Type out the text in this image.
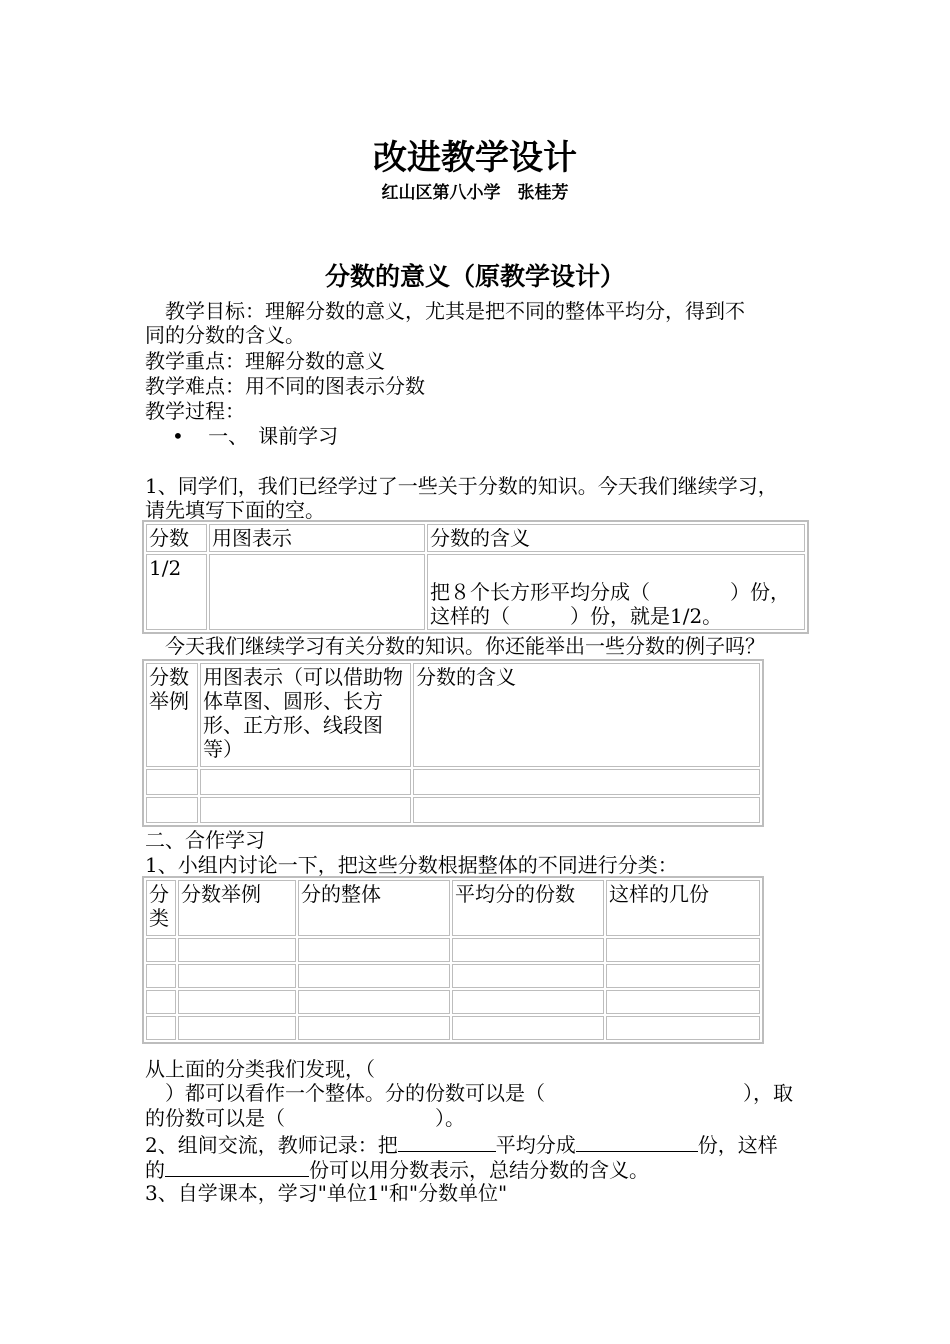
改进教学设计
红山区第八小学　张桂芳
分数的意义（原教学设计）
　教学目标：理解分数的意义，尤其是把不同的整体平均分，得到不
同的分数的含义。
教学重点：理解分数的意义
教学难点：用不同的图表示分数
教学过程：
• 一、　课前学习
1、同学们，我们已经学过了一些关于分数的知识。今天我们继续学习，
请先填写下面的空。
分数	用图表示	分数的含义
1/2		把８个长方形平均分成（　　　　）份，
这样的（　　　）份，就是1/2。
　今天我们继续学习有关分数的知识。你还能举出一些分数的例子吗？
分数举例	用图表示（可以借助物体草图、圆形、长方形、正方形、线段图等）	分数的含义

二、合作学习
1、小组内讨论一下，把这些分数根据整体的不同进行分类：
分类	分数举例	分的整体	平均分的份数	这样的几份

从上面的分类我们发现，（
　）都可以看作一个整体。分的份数可以是（	），取
的份数可以是（	）。
2、组间交流，教师记录：把	平均分成	份，这样
的	份可以用分数表示，总结分数的含义。
3、自学课本，学习"单位1"和"分数单位"
